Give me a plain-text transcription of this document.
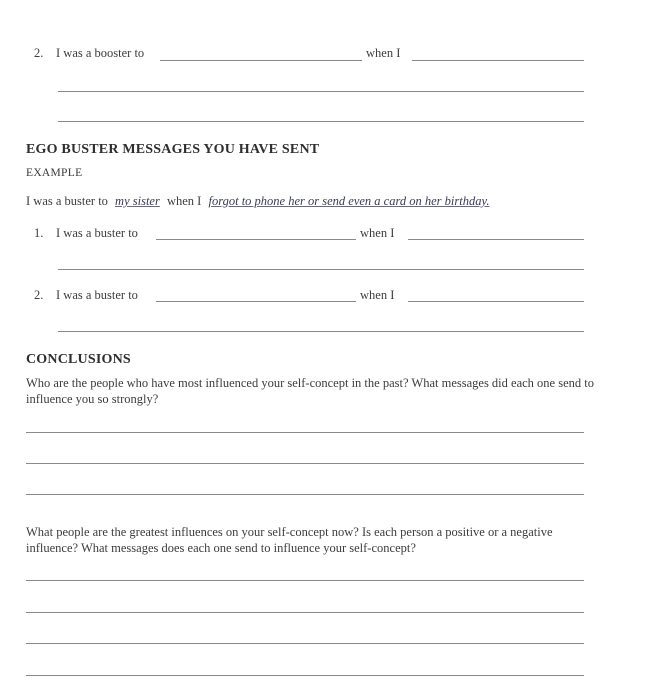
2. I was a booster to	when I
EGO BUSTER MESSAGES YOU HAVE SENT
EXAMPLE
I was a buster to my sister when I forgot to phone her or send even a card on her birthday.
1. I was a buster to	when I
2. I was a buster to	when I
CONCLUSIONS
Who are the people who have most influenced your self-concept in the past? What messages did each one send to influence you so strongly?
What people are the greatest influences on your self-concept now? Is each person a positive or a negative influence? What messages does each one send to influence your self-concept?
